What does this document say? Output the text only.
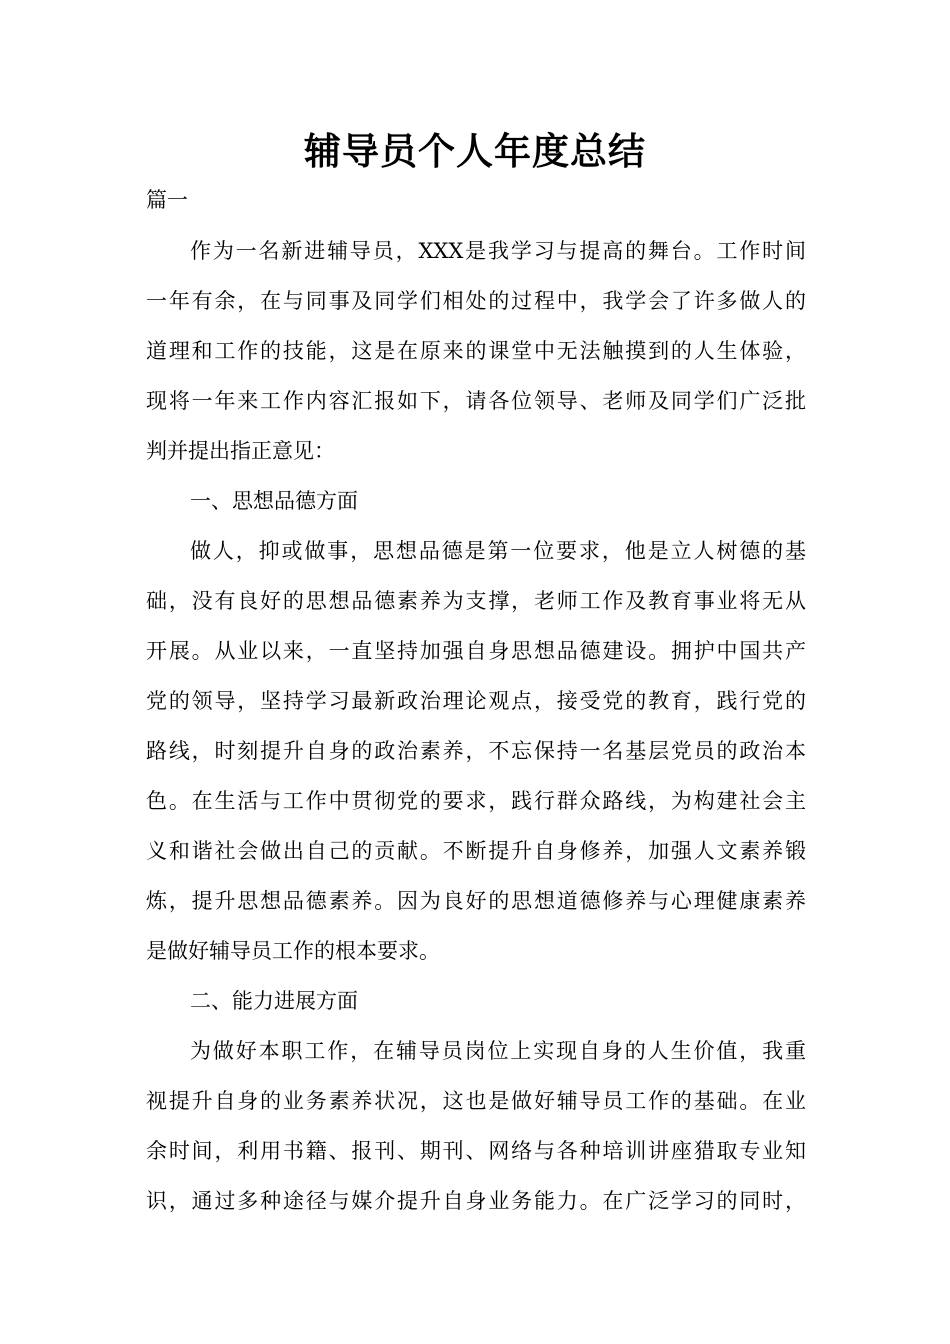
辅导员个人年度总结
篇一
作为一名新进辅导员，XXX是我学习与提高的舞台。工作时间
一年有余，在与同事及同学们相处的过程中，我学会了许多做人的
道理和工作的技能，这是在原来的课堂中无法触摸到的人生体验，
现将一年来工作内容汇报如下，请各位领导、老师及同学们广泛批
判并提出指正意见：
一、思想品德方面
做人，抑或做事，思想品德是第一位要求，他是立人树德的基
础，没有良好的思想品德素养为支撑，老师工作及教育事业将无从
开展。从业以来，一直坚持加强自身思想品德建设。拥护中国共产
党的领导，坚持学习最新政治理论观点，接受党的教育，践行党的
路线，时刻提升自身的政治素养，不忘保持一名基层党员的政治本
色。在生活与工作中贯彻党的要求，践行群众路线，为构建社会主
义和谐社会做出自己的贡献。不断提升自身修养，加强人文素养锻
炼，提升思想品德素养。因为良好的思想道德修养与心理健康素养
是做好辅导员工作的根本要求。
二、能力进展方面
为做好本职工作，在辅导员岗位上实现自身的人生价值，我重
视提升自身的业务素养状况，这也是做好辅导员工作的基础。在业
余时间，利用书籍、报刊、期刊、网络与各种培训讲座猎取专业知
识，通过多种途径与媒介提升自身业务能力。在广泛学习的同时，
